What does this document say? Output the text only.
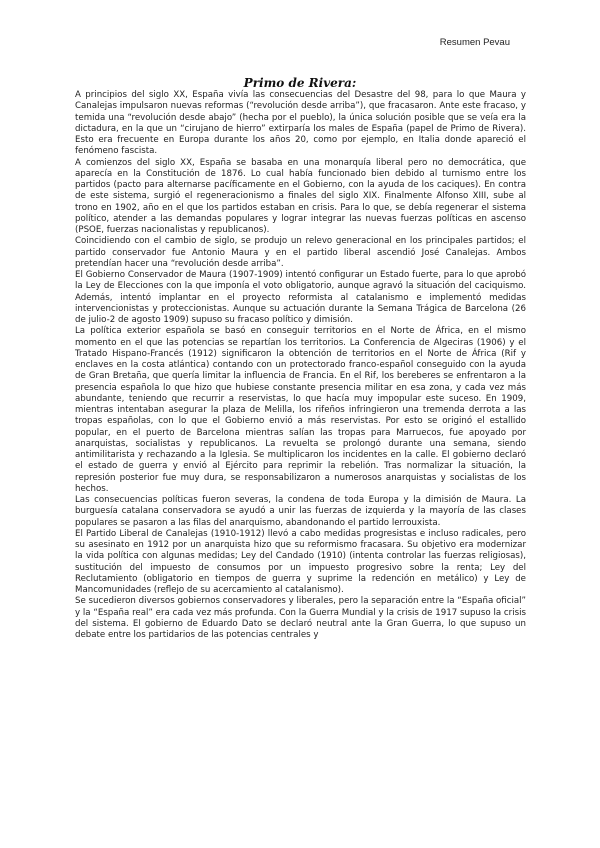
Resumen Pevau
Primo de Rivera:

A principios del siglo XX, España vivía las consecuencias del Desastre del 98, para lo que Maura y Canalejas impulsaron nuevas reformas (“revolución desde arriba”), que fracasaron. Ante este fracaso, y temida una “revolución desde abajo” (hecha por el pueblo), la única solución posible que se veía era la dictadura, en la que un “cirujano de hierro” extirparía los males de España (papel de Primo de Rivera). Esto era frecuente en Europa durante los años 20, como por ejemplo, en Italia donde apareció el fenómeno fascista.

A comienzos del siglo XX, España se basaba en una monarquía liberal pero no democrática, que aparecía en la Constitución de 1876. Lo cual había funcionado bien debido al turnismo entre los partidos (pacto para alternarse pacíficamente en el Gobierno, con la ayuda de los caciques). En contra de este sistema, surgió el regeneracionismo a finales del siglo XIX. Finalmente Alfonso XIII, sube al trono en 1902, año en el que los partidos estaban en crisis. Para lo que, se debía regenerar el sistema político, atender a las demandas populares y lograr integrar las nuevas fuerzas políticas en ascenso (PSOE, fuerzas nacionalistas y republicanos).

Coincidiendo con el cambio de siglo, se produjo un relevo generacional en los principales partidos; el partido conservador fue Antonio Maura y en el partido liberal ascendió José Canalejas. Ambos pretendían hacer una “revolución desde arriba”.

El Gobierno Conservador de Maura (1907-1909) intentó configurar un Estado fuerte, para lo que aprobó la Ley de Elecciones con la que imponía el voto obligatorio, aunque agravó la situación del caciquismo. Además, intentó implantar en el proyecto reformista al catalanismo e implementó medidas intervencionistas y proteccionistas. Aunque su actuación durante la Semana Trágica de Barcelona (26 de julio-2 de agosto 1909) supuso su fracaso político y dimisión.

La política exterior española se basó en conseguir territorios en el Norte de África, en el mismo momento en el que las potencias se repartían los territorios. La Conferencia de Algeciras (1906) y el Tratado Hispano-Francés (1912) significaron la obtención de territorios en el Norte de África (Rif y enclaves en la costa atlántica) contando con un protectorado franco-español conseguido con la ayuda de Gran Bretaña, que quería limitar la influencia de Francia. En el Rif, los bereberes se enfrentaron a la presencia española lo que hizo que hubiese constante presencia militar en esa zona, y cada vez más abundante, teniendo que recurrir a reservistas, lo que hacía muy impopular este suceso. En 1909, mientras intentaban asegurar la plaza de Melilla, los rifeños infringieron una tremenda derrota a las tropas españolas, con lo que el Gobierno envió a más reservistas. Por esto se originó el estallido popular, en el puerto de Barcelona mientras salían las tropas para Marruecos, fue apoyado por anarquistas, socialistas y republicanos. La revuelta se prolongó durante una semana, siendo antimilitarista y rechazando a la Iglesia. Se multiplicaron los incidentes en la calle. El gobierno declaró el estado de guerra y envió al Ejército para reprimir la rebelión. Tras normalizar la situación, la represión posterior fue muy dura, se responsabilizaron a numerosos anarquistas y socialistas de los hechos.

Las consecuencias políticas fueron severas, la condena de toda Europa y la dimisión de Maura. La burguesía catalana conservadora se ayudó a unir las fuerzas de izquierda y la mayoría de las clases populares se pasaron a las filas del anarquismo, abandonando el partido lerrouxista.

El Partido Liberal de Canalejas (1910-1912) llevó a cabo medidas progresistas e incluso radicales, pero su asesinato en 1912 por un anarquista hizo que su reformismo fracasara. Su objetivo era modernizar la vida política con algunas medidas; Ley del Candado (1910) (intenta controlar las fuerzas religiosas), sustitución del impuesto de consumos por un impuesto progresivo sobre la renta; Ley del Reclutamiento (obligatorio en tiempos de guerra y suprime la redención en metálico) y Ley de Mancomunidades (reflejo de su acercamiento al catalanismo).

Se sucedieron diversos gobiernos conservadores y liberales, pero la separación entre la “España oficial” y la “España real” era cada vez más profunda. Con la Guerra Mundial y la crisis de 1917 supuso la crisis del sistema. El gobierno de Eduardo Dato se declaró neutral ante la Gran Guerra, lo que supuso un debate entre los partidarios de las potencias centrales y
